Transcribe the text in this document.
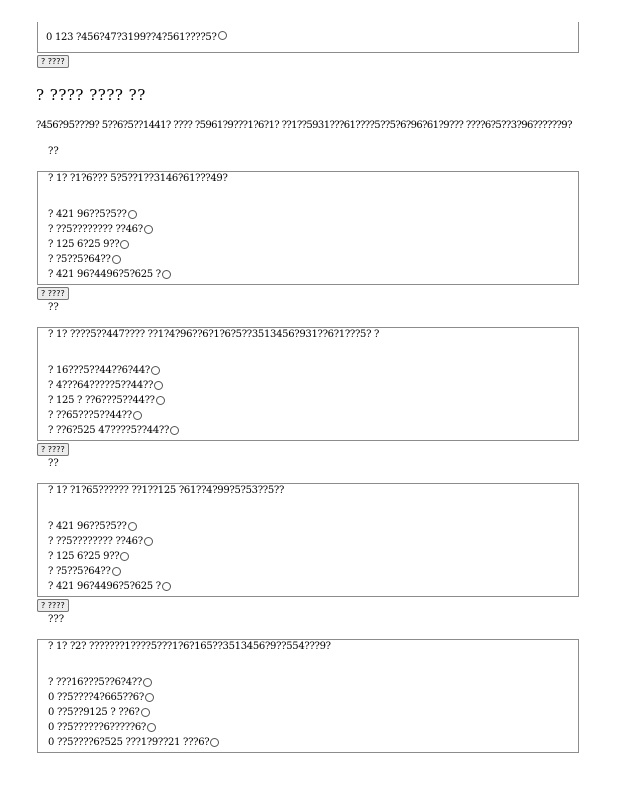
0 123 ?456?47?3199??4?561????5?
? ????
? ???? ???? ??
?456?95???9? 5??6?5??1441? ???? ?5961?9???1?6?1? ??1??5931???61????5??5?6?96?61?9??? ????6?5??3?96??????9?
??
? 1? ?1?6??? 5?5??1??3146?61???49?
? 421 96??5?5??
? ??5???????? ??46?
? 125 6?25 9??
? ?5??5?64??
? 421 96?4496?5?625 ?
? ????
??
? 1? ????5??447???? ??1?4?96??6?1?6?5??3513456?931??6?1???5? ?
? 16???5??44??6?44?
? 4???64?????5??44??
? 125 ? ??6???5??44??
? ??65???5??44??
? ??6?525 47????5??44??
? ????
??
? 1? ?1?65?????? ??1??125 ?61??4?99?5?53??5??
? 421 96??5?5??
? ??5???????? ??46?
? 125 6?25 9??
? ?5??5?64??
? 421 96?4496?5?625 ?
? ????
???
? 1? ?2? ???????1????5???1?6?165??3513456?9??554???9?
? ???16???5??6?4??
0 ??5????4?665??6?
0 ??5??9125 ? ??6?
0 ??5??????6?????6?
0 ??5????6?525 ???1?9??21 ???6?
